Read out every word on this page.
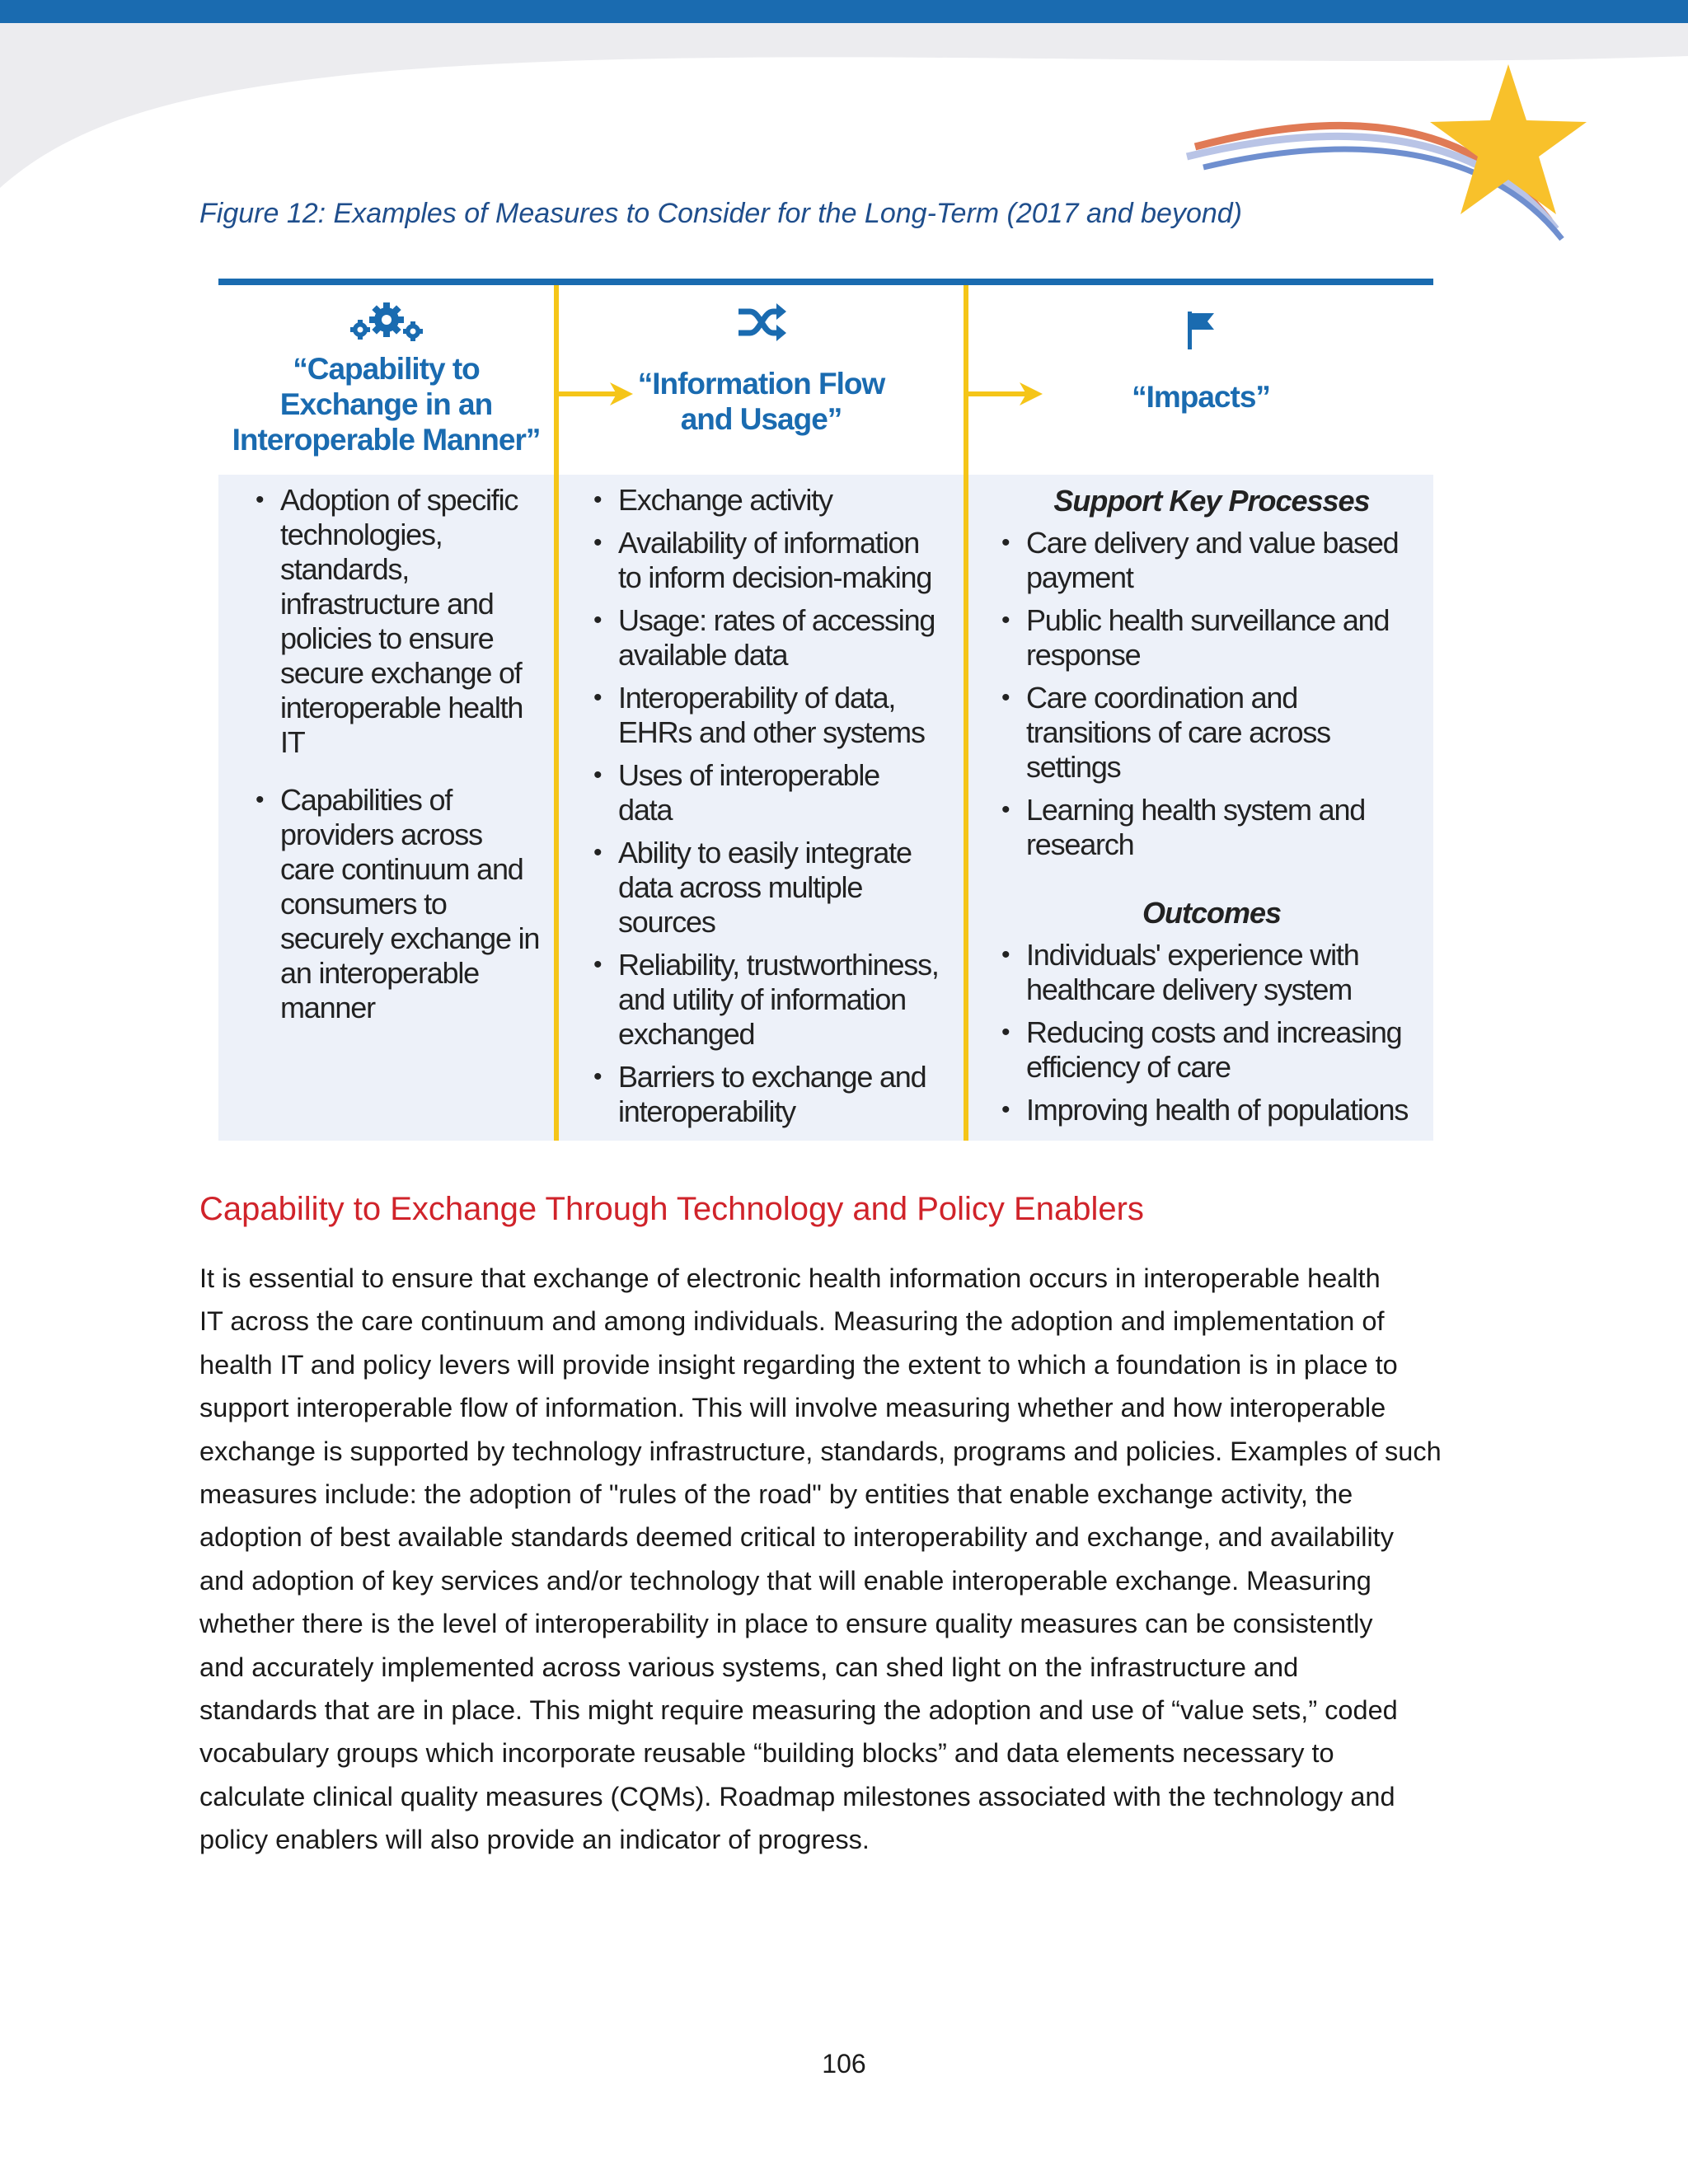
Figure 12: Examples of Measures to Consider for the Long-Term (2017 and beyond)
“Capability to
Exchange in an
Interoperable Manner”
“Information Flow
and Usage”
“Impacts”
• Adoption of specific technologies, standards, infrastructure and policies to ensure secure exchange of interoperable health IT
• Capabilities of providers across care continuum and consumers to securely exchange in an interoperable manner
• Exchange activity
• Availability of information to inform decision-making
• Usage: rates of accessing available data
• Interoperability of data, EHRs and other systems
• Uses of interoperable data
• Ability to easily integrate data across multiple sources
• Reliability, trustworthiness, and utility of information exchanged
• Barriers to exchange and interoperability
Support Key Processes
• Care delivery and value based payment
• Public health surveillance and response
• Care coordination and transitions of care across settings
• Learning health system and research
Outcomes
• Individuals' experience with healthcare delivery system
• Reducing costs and increasing efficiency of care
• Improving health of populations
Capability to Exchange Through Technology and Policy Enablers
It is essential to ensure that exchange of electronic health information occurs in interoperable health
IT across the care continuum and among individuals. Measuring the adoption and implementation of
health IT and policy levers will provide insight regarding the extent to which a foundation is in place to
support interoperable flow of information. This will involve measuring whether and how interoperable
exchange is supported by technology infrastructure, standards, programs and policies. Examples of such
measures include: the adoption of "rules of the road" by entities that enable exchange activity, the
adoption of best available standards deemed critical to interoperability and exchange, and availability
and adoption of key services and/or technology that will enable interoperable exchange. Measuring
whether there is the level of interoperability in place to ensure quality measures can be consistently
and accurately implemented across various systems, can shed light on the infrastructure and
standards that are in place. This might require measuring the adoption and use of “value sets,” coded
vocabulary groups which incorporate reusable “building blocks” and data elements necessary to
calculate clinical quality measures (CQMs). Roadmap milestones associated with the technology and
policy enablers will also provide an indicator of progress.
106
